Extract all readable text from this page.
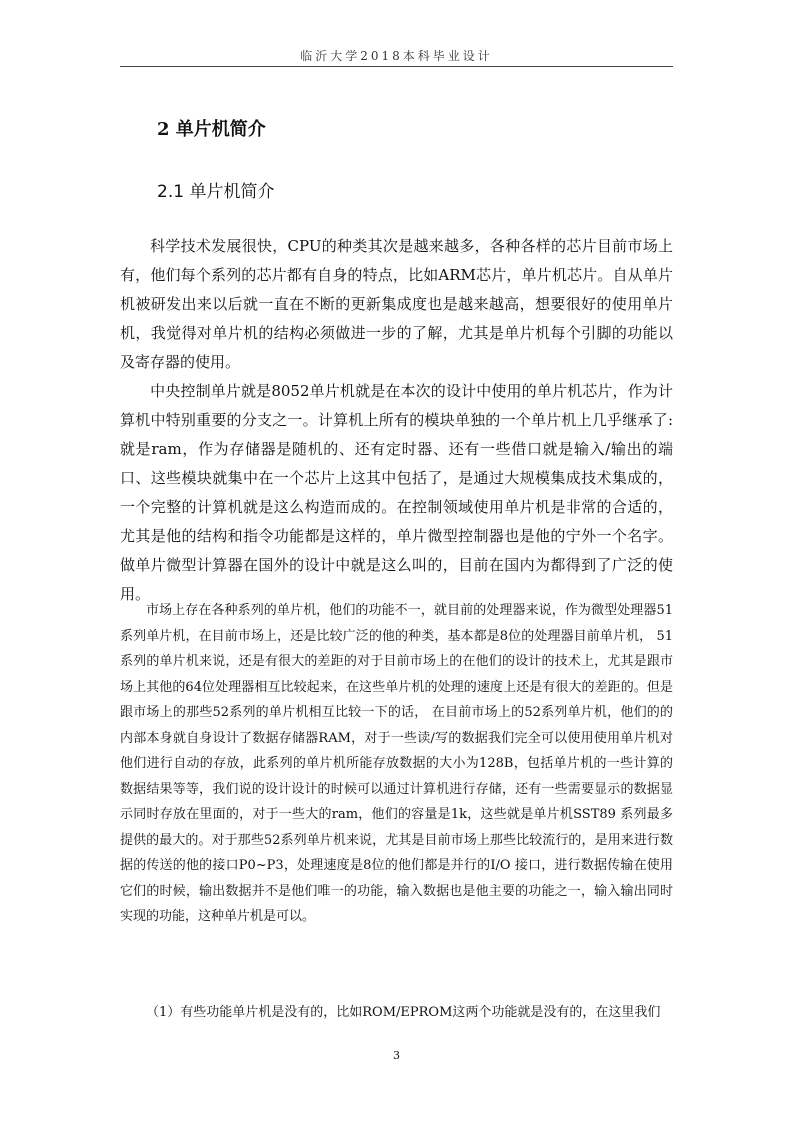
临沂大学2018本科毕业设计
2 单片机简介
2.1 单片机简介

科学技术发展很快，CPU的种类其次是越来越多，各种各样的芯片目前市场上有，他们每个系列的芯片都有自身的特点，比如ARM芯片，单片机芯片。自从单片机被研发出来以后就一直在不断的更新集成度也是越来越高，想要很好的使用单片机，我觉得对单片机的结构必须做进一步的了解，尤其是单片机每个引脚的功能以及寄存器的使用。
中央控制单片就是8052单片机就是在本次的设计中使用的单片机芯片，作为计算机中特别重要的分支之一。计算机上所有的模块单独的一个单片机上几乎继承了:就是ram，作为存储器是随机的、还有定时器、还有一些借口就是输入/输出的端口、这些模块就集中在一个芯片上这其中包括了，是通过大规模集成技术集成的，一个完整的计算机就是这么构造而成的。在控制领域使用单片机是非常的合适的，尤其是他的结构和指令功能都是这样的，单片微型控制器也是他的宁外一个名字。做单片微型计算器在国外的设计中就是这么叫的，目前在国内为都得到了广泛的使用。

市场上存在各种系列的单片机，他们的功能不一，就目前的处理器来说，作为微型处理器51系列单片机，在目前市场上，还是比较广泛的他的种类，基本都是8位的处理器目前单片机， 51系列的单片机来说，还是有很大的差距的对于目前市场上的在他们的设计的技术上，尤其是跟市场上其他的64位处理器相互比较起来，在这些单片机的处理的速度上还是有很大的差距的。但是跟市场上的那些52系列的单片机相互比较一下的话， 在目前市场上的52系列单片机，他们的的内部本身就自身设计了数据存储器RAM，对于一些读/写的数据我们完全可以使用使用单片机对他们进行自动的存放，此系列的单片机所能存放数据的大小为128B，包括单片机的一些计算的数据结果等等，我们说的设计设计的时候可以通过计算机进行存储，还有一些需要显示的数据显示同时存放在里面的，对于一些大的ram，他们的容量是1k，这些就是单片机SST89 系列最多提供的最大的。对于那些52系列单片机来说，尤其是目前市场上那些比较流行的，是用来进行数据的传送的他的接口P0~P3，处理速度是8位的他们都是并行的I/O 接口，进行数据传输在使用它们的时候，输出数据并不是他们唯一的功能，输入数据也是他主要的功能之一，输入输出同时实现的功能，这种单片机是可以。

（1）有些功能单片机是没有的，比如ROM/EPROM这两个功能就是没有的，在这里我们

3
